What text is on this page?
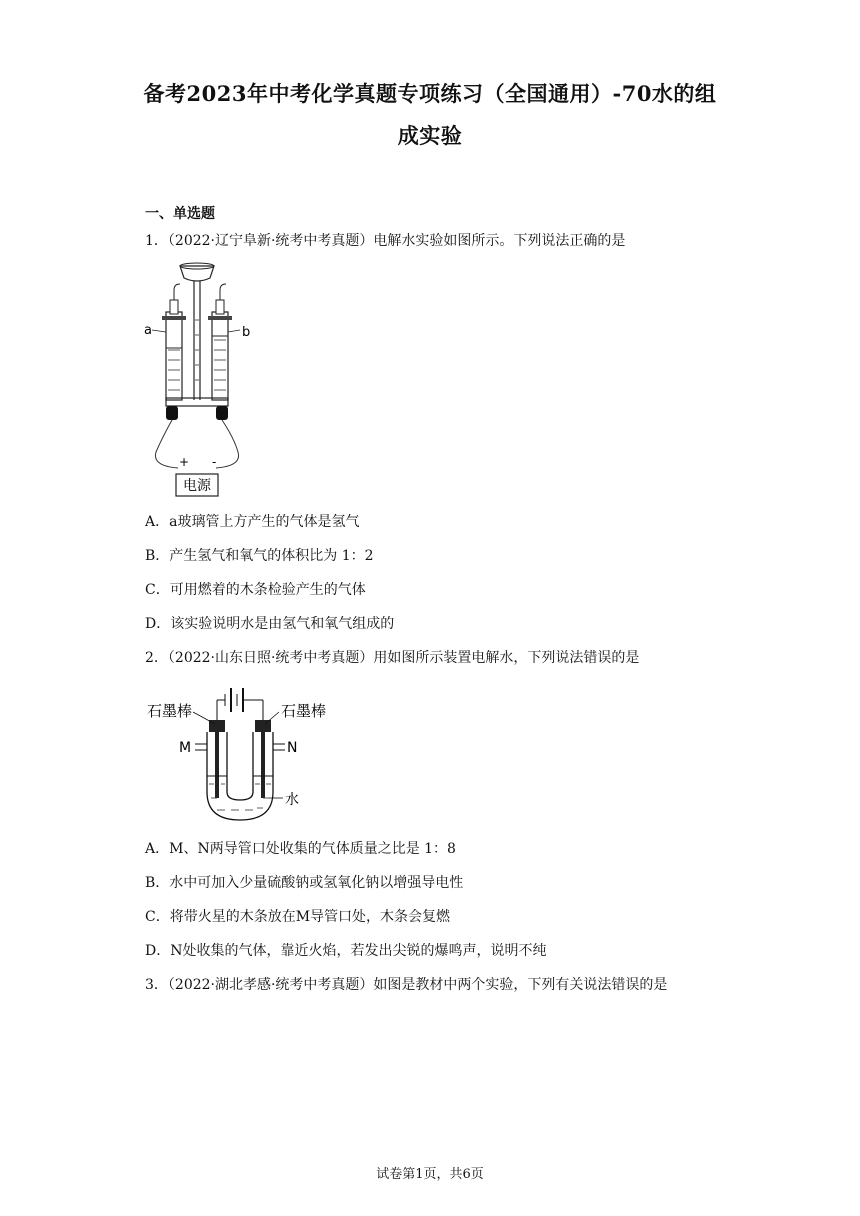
备考2023年中考化学真题专项练习（全国通用）-70水的组
成实验
一、单选题
1．（2022·辽宁阜新·统考中考真题）电解水实验如图所示。下列说法正确的是
电源
+ -
a	b
A．a玻璃管上方产生的气体是氢气
B．产生氢气和氧气的体积比为 1：2
C．可用燃着的木条检验产生的气体
D．该实验说明水是由氢气和氧气组成的
2．（2022·山东日照·统考中考真题）用如图所示装置电解水，下列说法错误的是
石墨棒	石墨棒
M	N
水
A．M、N两导管口处收集的气体质量之比是 1：8
B．水中可加入少量硫酸钠或氢氧化钠以增强导电性
C．将带火星的木条放在M导管口处，木条会复燃
D．N处收集的气体，靠近火焰，若发出尖锐的爆鸣声，说明不纯
3．（2022·湖北孝感·统考中考真题）如图是教材中两个实验，下列有关说法错误的是
试卷第1页，共6页
